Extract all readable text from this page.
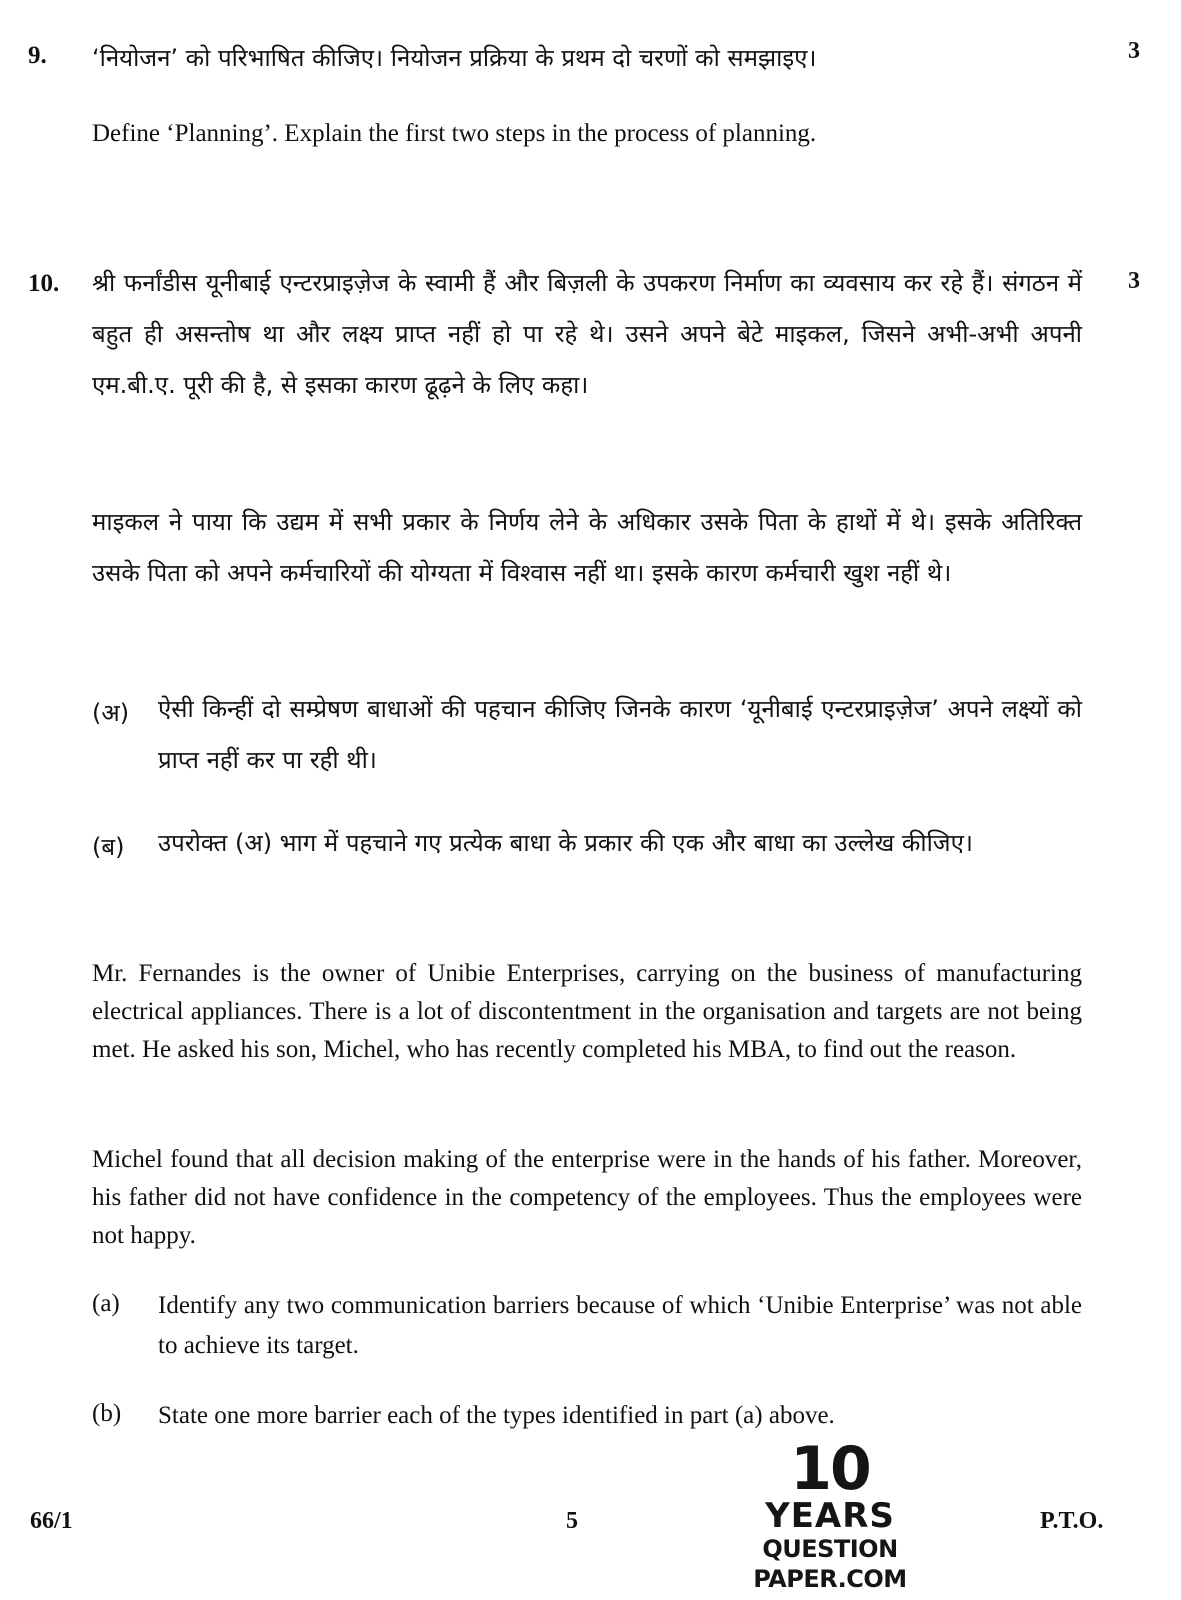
9.	3

‘नियोजन’ को परिभाषित कीजिए। नियोजन प्रक्रिया के प्रथम दो चरणों को समझाइए।

Define ‘Planning’. Explain the first two steps in the process of planning.

10.	3

श्री फर्नांडीस यूनीबाई एन्टरप्राइज़ेज के स्वामी हैं और बिज़ली के उपकरण निर्माण का व्यवसाय कर रहे हैं। संगठन में बहुत ही असन्तोष था और लक्ष्य प्राप्त नहीं हो पा रहे थे। उसने अपने बेटे माइकल, जिसने अभी-अभी अपनी एम.बी.ए. पूरी की है, से इसका कारण ढूढ़ने के लिए कहा।

माइकल ने पाया कि उद्यम में सभी प्रकार के निर्णय लेने के अधिकार उसके पिता के हाथों में थे। इसके अतिरिक्त उसके पिता को अपने कर्मचारियों की योग्यता में विश्वास नहीं था। इसके कारण कर्मचारी खुश नहीं थे।

(अ) ऐसी किन्हीं दो सम्प्रेषण बाधाओं की पहचान कीजिए जिनके कारण ‘यूनीबाई एन्टरप्राइज़ेज’ अपने लक्ष्यों को प्राप्त नहीं कर पा रही थी।

(ब) उपरोक्त (अ) भाग में पहचाने गए प्रत्येक बाधा के प्रकार की एक और बाधा का उल्लेख कीजिए।

Mr. Fernandes is the owner of Unibie Enterprises, carrying on the business of manufacturing electrical appliances. There is a lot of discontentment in the organisation and targets are not being met. He asked his son, Michel, who has recently completed his MBA, to find out the reason.

Michel found that all decision making of the enterprise were in the hands of his father. Moreover, his father did not have confidence in the competency of the employees. Thus the employees were not happy.

(a) Identify any two communication barriers because of which ‘Unibie Enterprise’ was not able to achieve its target.

(b) State one more barrier each of the types identified in part (a) above.

66/1	5	P.T.O.
10
YEARS
QUESTION PAPER.COM
